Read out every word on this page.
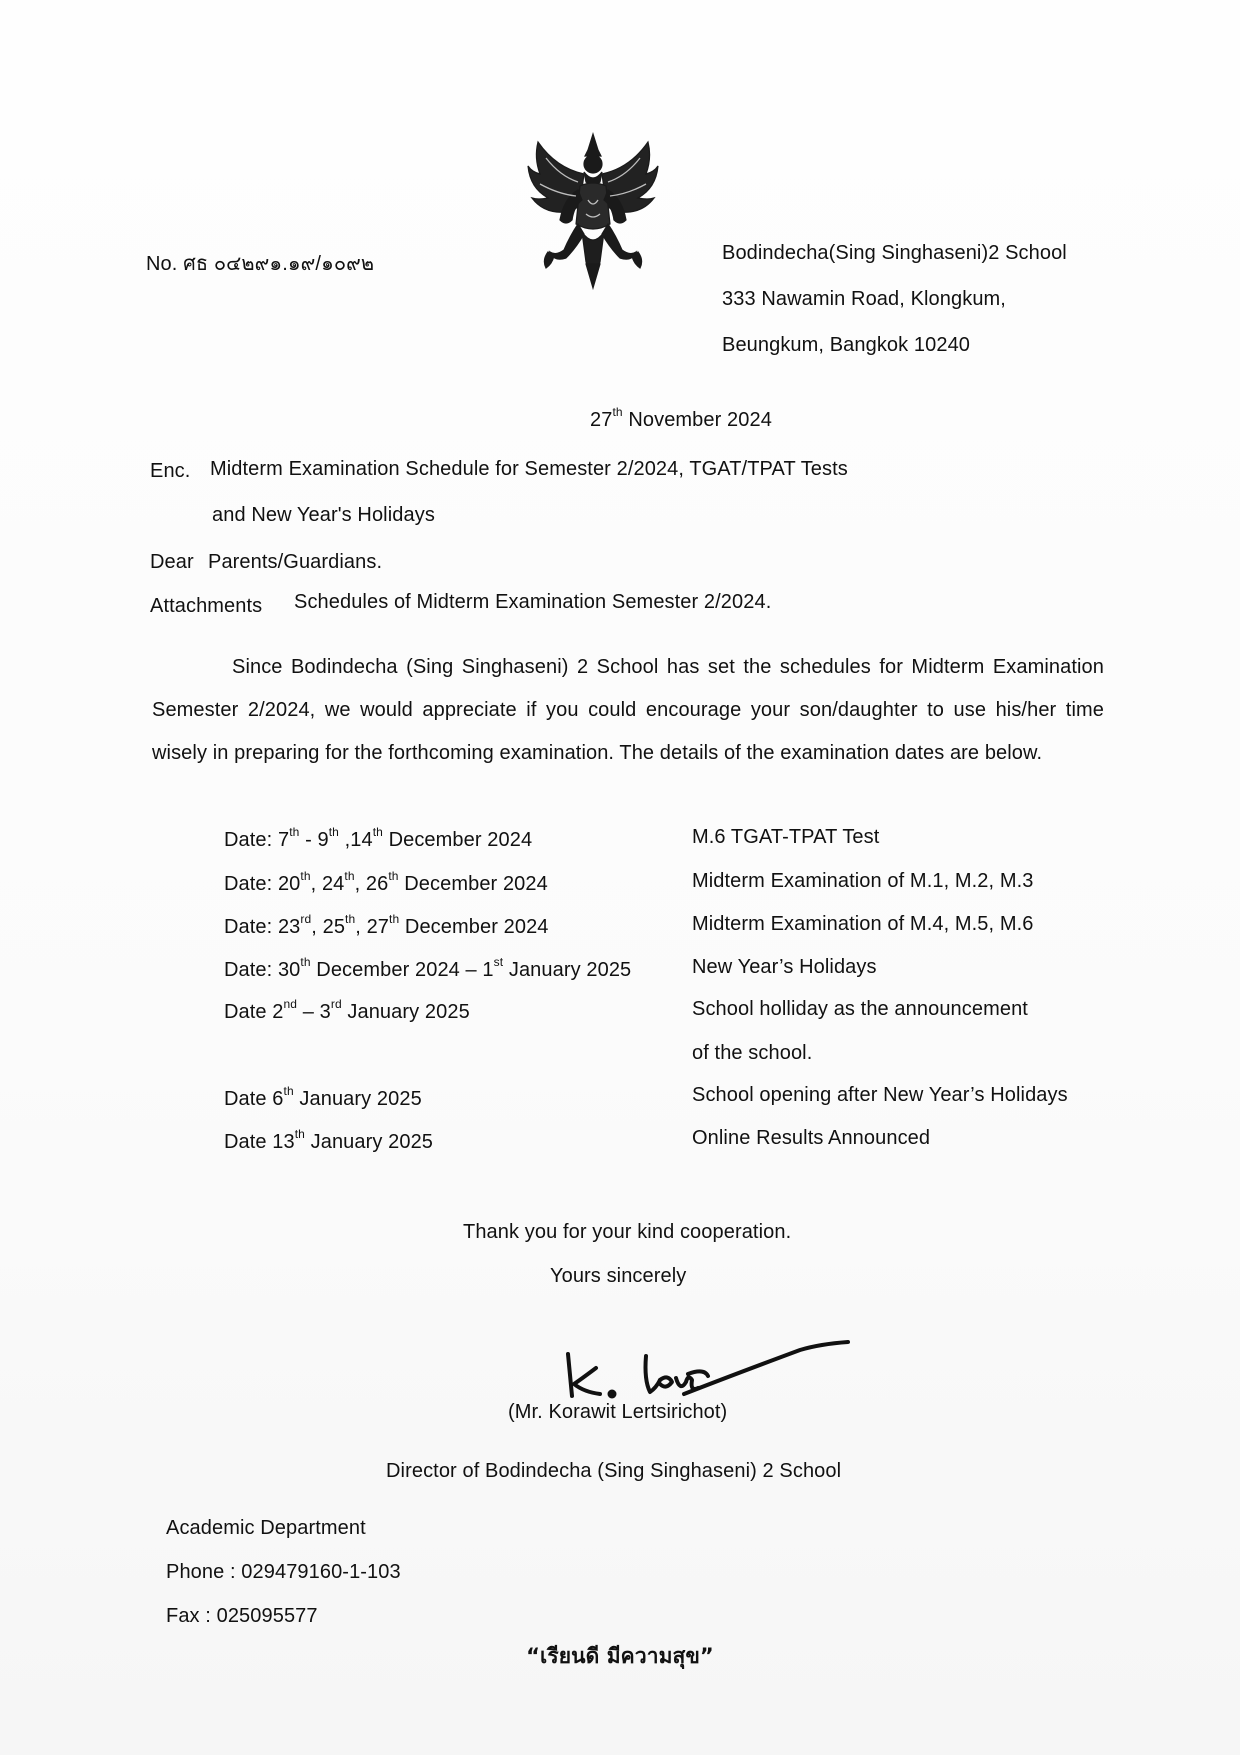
No. ศธ ๐๔๒๙๑.๑๙/๑๐๙๒	Bodindecha(Sing Singhaseni)2 School
333 Nawamin Road, Klongkum,
Beungkum, Bangkok 10240
27th November 2024
Enc. Midterm Examination Schedule for Semester 2/2024, TGAT/TPAT Tests
and New Year's Holidays
Dear Parents/Guardians.
Attachments Schedules of Midterm Examination Semester 2/2024.
Since Bodindecha (Sing Singhaseni) 2 School has set the schedules for Midterm Examination Semester 2/2024, we would appreciate if you could encourage your son/daughter to use his/her time wisely in preparing for the forthcoming examination. The details of the examination dates are below.
Date: 7th - 9th ,14th December 2024	M.6 TGAT-TPAT Test
Date: 20th, 24th, 26th December 2024	Midterm Examination of M.1, M.2, M.3
Date: 23rd, 25th, 27th December 2024	Midterm Examination of M.4, M.5, M.6
Date: 30th December 2024 – 1st January 2025	New Year’s Holidays
Date 2nd – 3rd January 2025	School holliday as the announcement
of the school.
Date 6th January 2025	School opening after New Year’s Holidays
Date 13th January 2025	Online Results Announced
Thank you for your kind cooperation.
Yours sincerely
(Mr. Korawit Lertsirichot)
Director of Bodindecha (Sing Singhaseni) 2 School
Academic Department
Phone : 029479160-1-103
Fax : 025095577
“เรียนดี มีความสุข”
